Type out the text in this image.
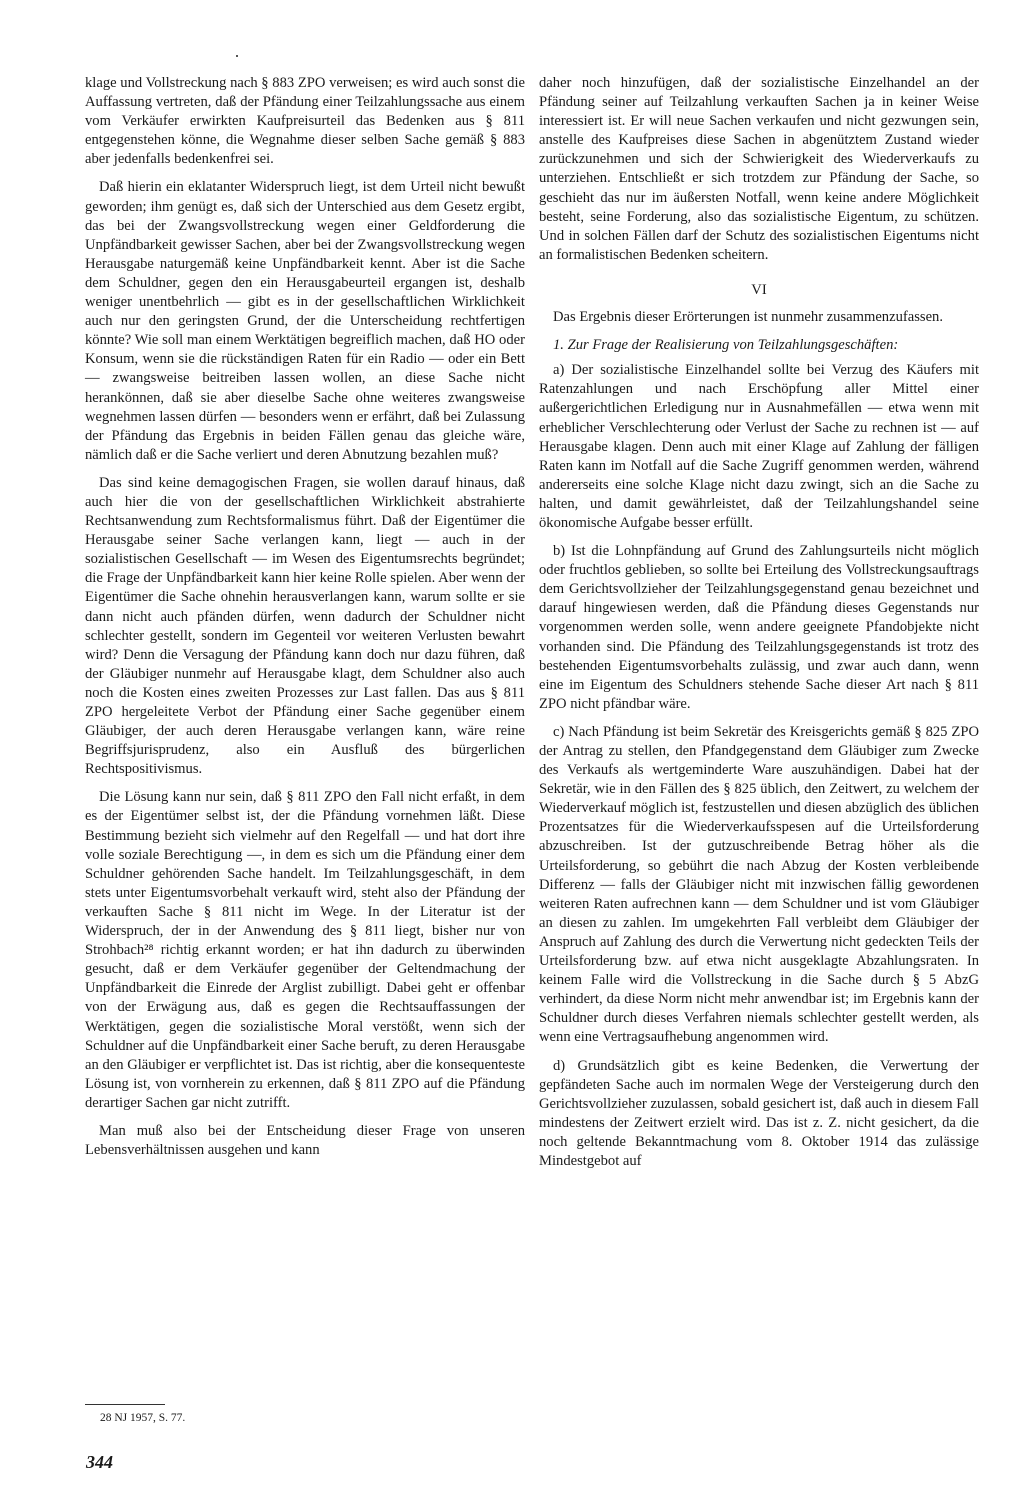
klage und Vollstreckung nach § 883 ZPO verweisen; es wird auch sonst die Auffassung vertreten, daß der Pfändung einer Teilzahlungssache aus einem vom Verkäufer erwirkten Kaufpreisurteil das Bedenken aus § 811 entgegenstehen könne, die Wegnahme dieser selben Sache gemäß § 883 aber jedenfalls bedenkenfrei sei.

Daß hierin ein eklatanter Widerspruch liegt, ist dem Urteil nicht bewußt geworden; ihm genügt es, daß sich der Unterschied aus dem Gesetz ergibt, das bei der Zwangsvollstreckung wegen einer Geldforderung die Unpfändbarkeit gewisser Sachen, aber bei der Zwangsvollstreckung wegen Herausgabe naturgemäß keine Unpfändbarkeit kennt. Aber ist die Sache dem Schuldner, gegen den ein Herausgabeurteil ergangen ist, deshalb weniger unentbehrlich — gibt es in der gesellschaftlichen Wirklichkeit auch nur den geringsten Grund, der die Unterscheidung rechtfertigen könnte? Wie soll man einem Werktätigen begreiflich machen, daß HO oder Konsum, wenn sie die rückständigen Raten für ein Radio — oder ein Bett — zwangsweise beitreiben lassen wollen, an diese Sache nicht herankönnen, daß sie aber dieselbe Sache ohne weiteres zwangsweise wegnehmen lassen dürfen — besonders wenn er erfährt, daß bei Zulassung der Pfändung das Ergebnis in beiden Fällen genau das gleiche wäre, nämlich daß er die Sache verliert und deren Abnutzung bezahlen muß?

Das sind keine demagogischen Fragen, sie wollen darauf hinaus, daß auch hier die von der gesellschaftlichen Wirklichkeit abstrahierte Rechtsanwendung zum Rechtsformalismus führt. Daß der Eigentümer die Herausgabe seiner Sache verlangen kann, liegt — auch in der sozialistischen Gesellschaft — im Wesen des Eigentumsrechts begründet; die Frage der Unpfändbarkeit kann hier keine Rolle spielen. Aber wenn der Eigentümer die Sache ohnehin herausverlangen kann, warum sollte er sie dann nicht auch pfänden dürfen, wenn dadurch der Schuldner nicht schlechter gestellt, sondern im Gegenteil vor weiteren Verlusten bewahrt wird? Denn die Versagung der Pfändung kann doch nur dazu führen, daß der Gläubiger nunmehr auf Herausgabe klagt, dem Schuldner also auch noch die Kosten eines zweiten Prozesses zur Last fallen. Das aus § 811 ZPO hergeleitete Verbot der Pfändung einer Sache gegenüber einem Gläubiger, der auch deren Herausgabe verlangen kann, wäre reine Begriffsjurisprudenz, also ein Ausfluß des bürgerlichen Rechtspositivismus.

Die Lösung kann nur sein, daß § 811 ZPO den Fall nicht erfaßt, in dem es der Eigentümer selbst ist, der die Pfändung vornehmen läßt. Diese Bestimmung bezieht sich vielmehr auf den Regelfall — und hat dort ihre volle soziale Berechtigung —, in dem es sich um die Pfändung einer dem Schuldner gehörenden Sache handelt. Im Teilzahlungsgeschäft, in dem stets unter Eigentumsvorbehalt verkauft wird, steht also der Pfändung der verkauften Sache § 811 nicht im Wege. In der Literatur ist der Widerspruch, der in der Anwendung des § 811 liegt, bisher nur von Strohbach²⁸ richtig erkannt worden; er hat ihn dadurch zu überwinden gesucht, daß er dem Verkäufer gegenüber der Geltendmachung der Unpfändbarkeit die Einrede der Arglist zubilligt. Dabei geht er offenbar von der Erwägung aus, daß es gegen die Rechtsauffassungen der Werktätigen, gegen die sozialistische Moral verstößt, wenn sich der Schuldner auf die Unpfändbarkeit einer Sache beruft, zu deren Herausgabe an den Gläubiger er verpflichtet ist. Das ist richtig, aber die konsequenteste Lösung ist, von vornherein zu erkennen, daß § 811 ZPO auf die Pfändung derartiger Sachen gar nicht zutrifft.

Man muß also bei der Entscheidung dieser Frage von unseren Lebensverhältnissen ausgehen und kann

daher noch hinzufügen, daß der sozialistische Einzelhandel an der Pfändung seiner auf Teilzahlung verkauften Sachen ja in keiner Weise interessiert ist. Er will neue Sachen verkaufen und nicht gezwungen sein, anstelle des Kaufpreises diese Sachen in abgenütztem Zustand wieder zurückzunehmen und sich der Schwierigkeit des Wiederverkaufs zu unterziehen. Entschließt er sich trotzdem zur Pfändung der Sache, so geschieht das nur im äußersten Notfall, wenn keine andere Möglichkeit besteht, seine Forderung, also das sozialistische Eigentum, zu schützen. Und in solchen Fällen darf der Schutz des sozialistischen Eigentums nicht an formalistischen Bedenken scheitern.

VI

Das Ergebnis dieser Erörterungen ist nunmehr zusammenzufassen.

1. Zur Frage der Realisierung von Teilzahlungsgeschäften:

a) Der sozialistische Einzelhandel sollte bei Verzug des Käufers mit Ratenzahlungen und nach Erschöpfung aller Mittel einer außergerichtlichen Erledigung nur in Ausnahmefällen — etwa wenn mit erheblicher Verschlechterung oder Verlust der Sache zu rechnen ist — auf Herausgabe klagen. Denn auch mit einer Klage auf Zahlung der fälligen Raten kann im Notfall auf die Sache Zugriff genommen werden, während andererseits eine solche Klage nicht dazu zwingt, sich an die Sache zu halten, und damit gewährleistet, daß der Teilzahlungshandel seine ökonomische Aufgabe besser erfüllt.

b) Ist die Lohnpfändung auf Grund des Zahlungsurteils nicht möglich oder fruchtlos geblieben, so sollte bei Erteilung des Vollstreckungsauftrags dem Gerichtsvollzieher der Teilzahlungsgegenstand genau bezeichnet und darauf hingewiesen werden, daß die Pfändung dieses Gegenstands nur vorgenommen werden solle, wenn andere geeignete Pfandobjekte nicht vorhanden sind. Die Pfändung des Teilzahlungsgegenstands ist trotz des bestehenden Eigentumsvorbehalts zulässig, und zwar auch dann, wenn eine im Eigentum des Schuldners stehende Sache dieser Art nach § 811 ZPO nicht pfändbar wäre.

c) Nach Pfändung ist beim Sekretär des Kreisgerichts gemäß § 825 ZPO der Antrag zu stellen, den Pfandgegenstand dem Gläubiger zum Zwecke des Verkaufs als wertgeminderte Ware auszuhändigen. Dabei hat der Sekretär, wie in den Fällen des § 825 üblich, den Zeitwert, zu welchem der Wiederverkauf möglich ist, festzustellen und diesen abzüglich des üblichen Prozentsatzes für die Wiederverkaufsspesen auf die Urteilsforderung abzuschreiben. Ist der gutzuschreibende Betrag höher als die Urteilsforderung, so gebührt die nach Abzug der Kosten verbleibende Differenz — falls der Gläubiger nicht mit inzwischen fällig gewordenen weiteren Raten aufrechnen kann — dem Schuldner und ist vom Gläubiger an diesen zu zahlen. Im umgekehrten Fall verbleibt dem Gläubiger der Anspruch auf Zahlung des durch die Verwertung nicht gedeckten Teils der Urteilsforderung bzw. auf etwa nicht ausgeklagte Abzahlungsraten. In keinem Falle wird die Vollstreckung in die Sache durch § 5 AbzG verhindert, da diese Norm nicht mehr anwendbar ist; im Ergebnis kann der Schuldner durch dieses Verfahren niemals schlechter gestellt werden, als wenn eine Vertragsaufhebung angenommen wird.

d) Grundsätzlich gibt es keine Bedenken, die Verwertung der gepfändeten Sache auch im normalen Wege der Versteigerung durch den Gerichtsvollzieher zuzulassen, sobald gesichert ist, daß auch in diesem Fall mindestens der Zeitwert erzielt wird. Das ist z. Z. nicht gesichert, da die noch geltende Bekanntmachung vom 8. Oktober 1914 das zulässige Mindestgebot auf

28 NJ 1957, S. 77.
344
